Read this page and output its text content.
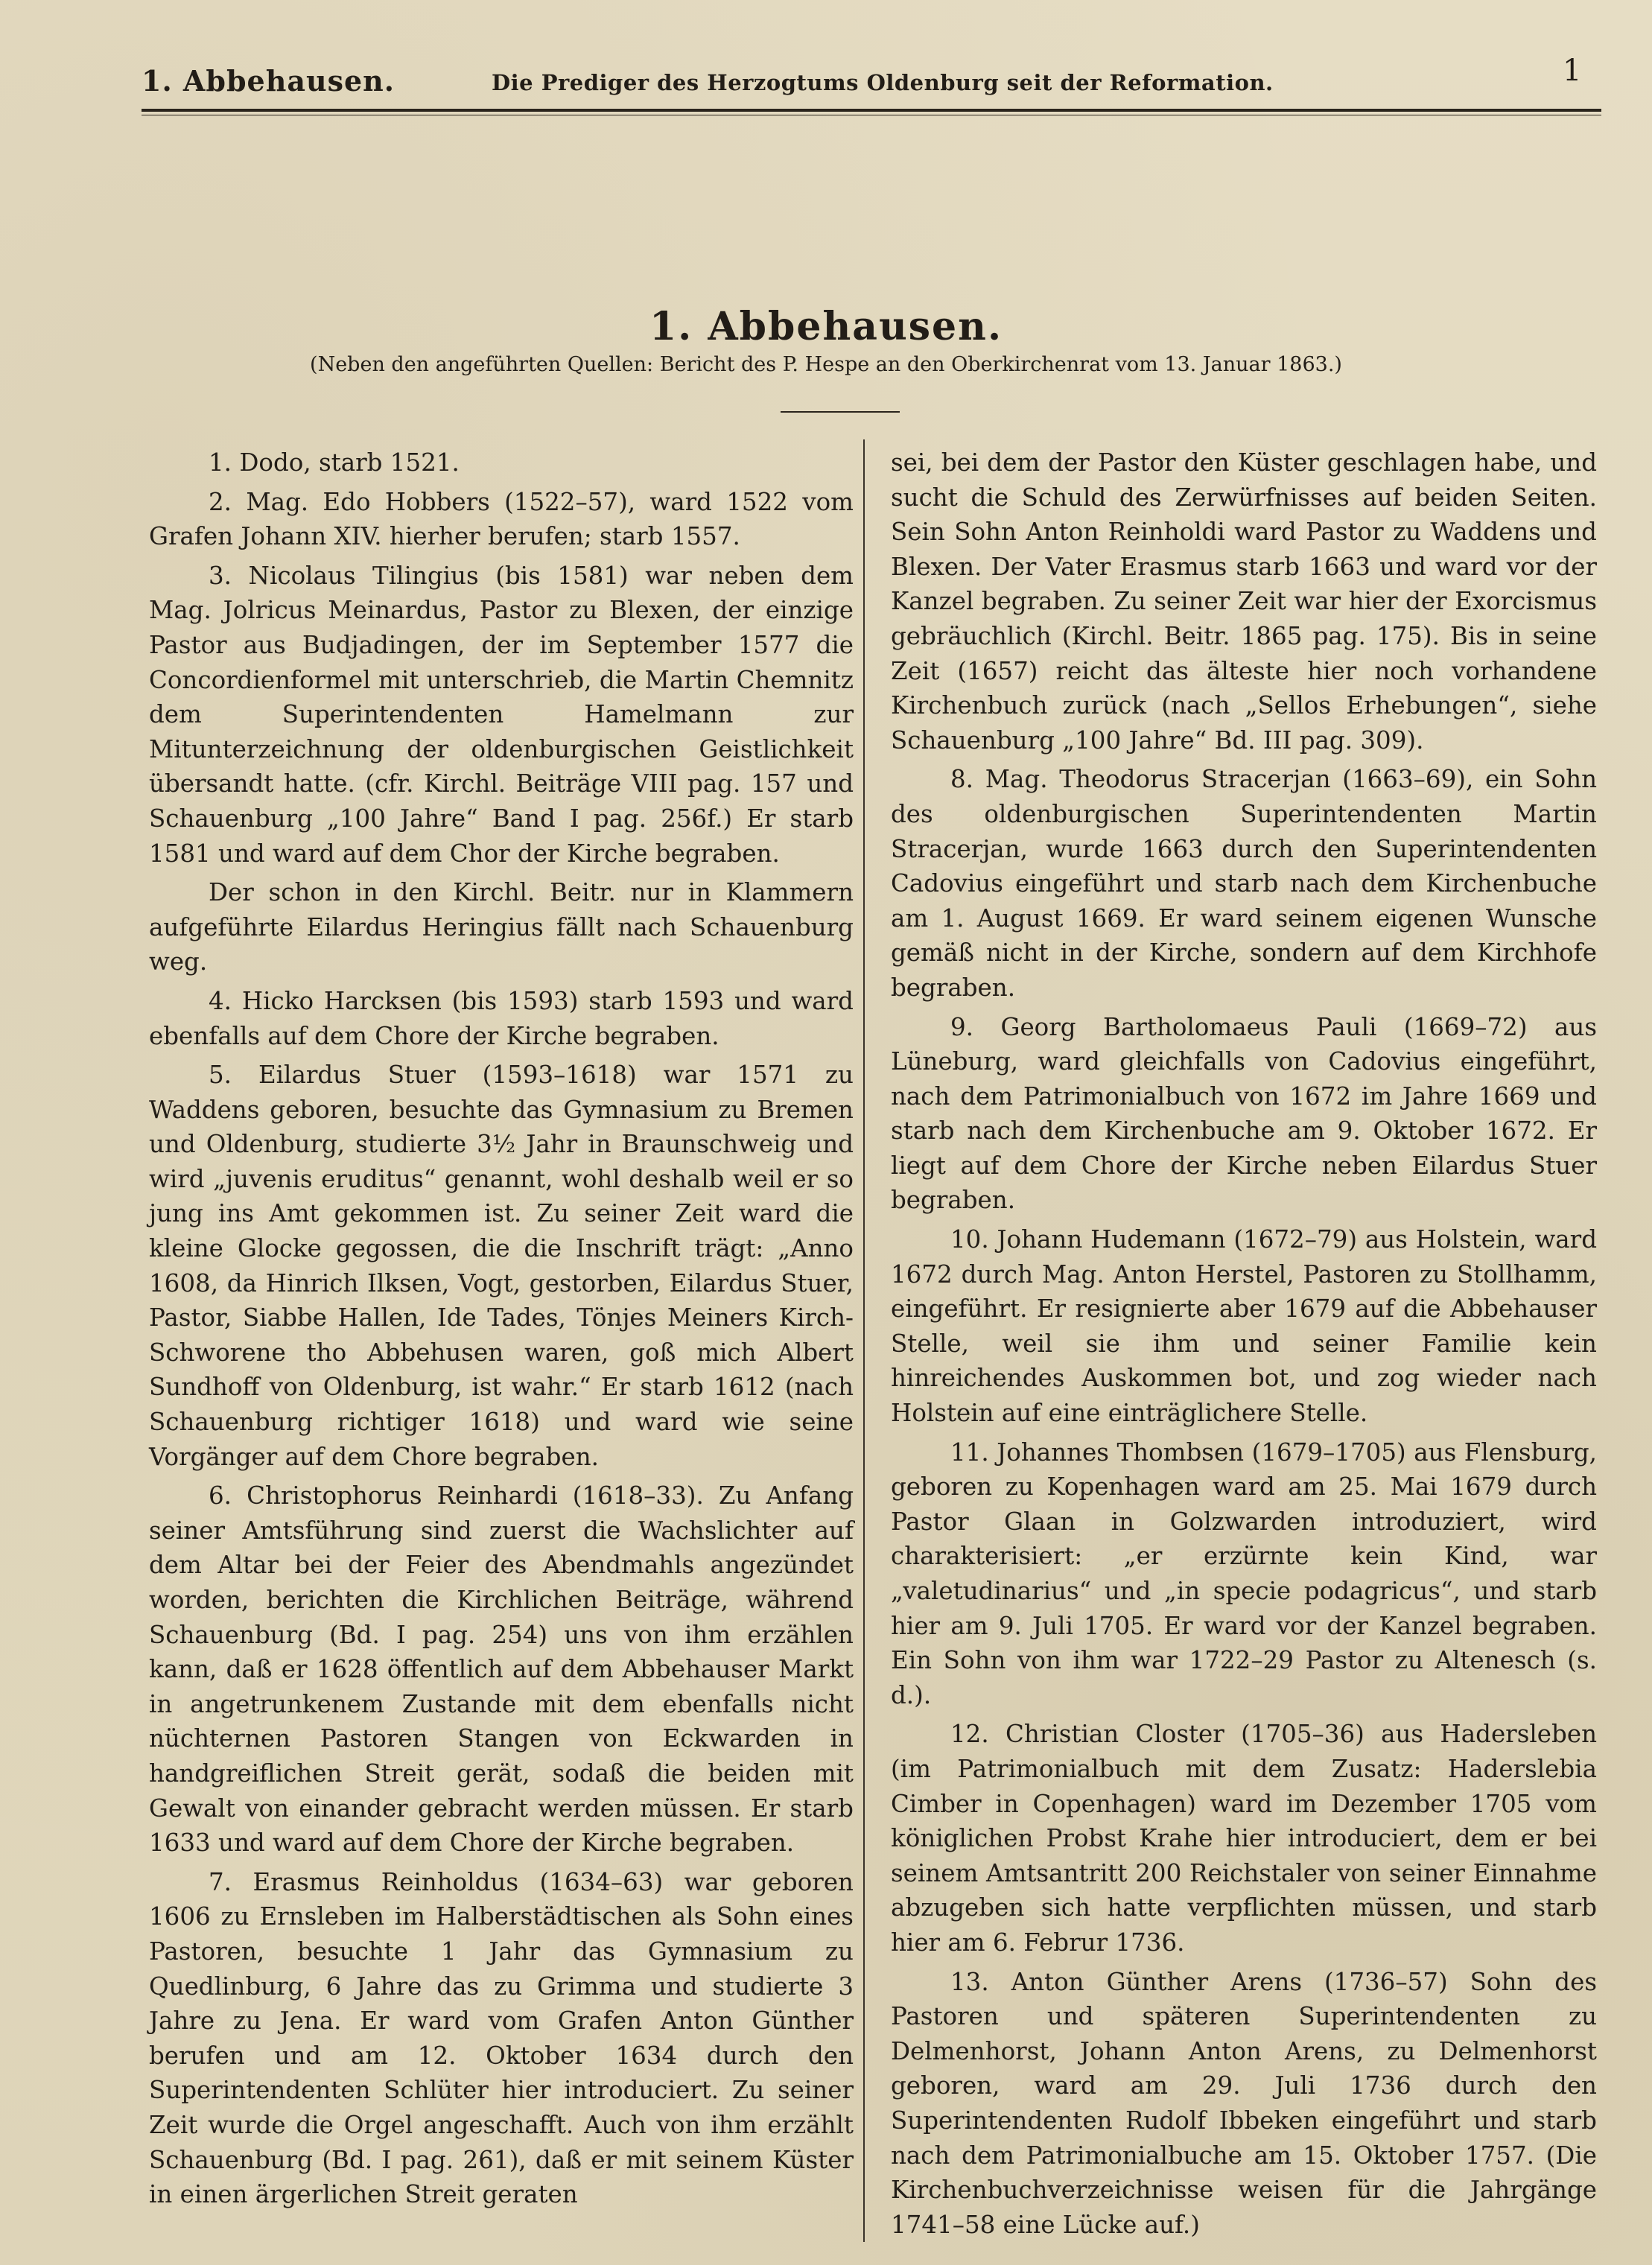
1. Abbehausen.	Die Prediger des Herzogtums Oldenburg seit der Reformation.	1
1. Abbehausen.
(Neben den angeführten Quellen: Bericht des P. Hespe an den Oberkirchenrat vom 13. Januar 1863.)

1. Dodo, starb 1521.

2. Mag. Edo Hobbers (1522–57), ward 1522 vom Grafen Johann XIV. hierher berufen; starb 1557.

3. Nicolaus Tilingius (bis 1581) war neben dem Mag. Jolricus Meinardus, Pastor zu Blexen, der einzige Pastor aus Budjadingen, der im September 1577 die Concordienformel mit unterschrieb, die Martin Chemnitz dem Superintendenten Hamelmann zur Mitunterzeichnung der oldenburgischen Geistlichkeit übersandt hatte. (cfr. Kirchl. Beiträge VIII pag. 157 und Schauenburg „100 Jahre“ Band I pag. 256f.) Er starb 1581 und ward auf dem Chor der Kirche begraben.

Der schon in den Kirchl. Beitr. nur in Klammern aufgeführte Eilardus Heringius fällt nach Schauenburg weg.

4. Hicko Harcksen (bis 1593) starb 1593 und ward ebenfalls auf dem Chore der Kirche begraben.

5. Eilardus Stuer (1593–1618) war 1571 zu Waddens geboren, besuchte das Gymnasium zu Bremen und Oldenburg, studierte 3½ Jahr in Braunschweig und wird „juvenis eruditus“ genannt, wohl deshalb weil er so jung ins Amt gekommen ist. Zu seiner Zeit ward die kleine Glocke gegossen, die die Inschrift trägt: „Anno 1608, da Hinrich Ilksen, Vogt, gestorben, Eilardus Stuer, Pastor, Siabbe Hallen, Ide Tades, Tönjes Meiners Kirch-Schworene tho Abbehusen waren, goß mich Albert Sundhoff von Oldenburg, ist wahr.“ Er starb 1612 (nach Schauenburg richtiger 1618) und ward wie seine Vorgänger auf dem Chore begraben.

6. Christophorus Reinhardi (1618–33). Zu Anfang seiner Amtsführung sind zuerst die Wachslichter auf dem Altar bei der Feier des Abendmahls angezündet worden, berichten die Kirchlichen Beiträge, während Schauenburg (Bd. I pag. 254) uns von ihm erzählen kann, daß er 1628 öffentlich auf dem Abbehauser Markt in angetrunkenem Zustande mit dem ebenfalls nicht nüchternen Pastoren Stangen von Eckwarden in handgreiflichen Streit gerät, sodaß die beiden mit Gewalt von einander gebracht werden müssen. Er starb 1633 und ward auf dem Chore der Kirche begraben.

7. Erasmus Reinholdus (1634–63) war geboren 1606 zu Ernsleben im Halberstädtischen als Sohn eines Pastoren, besuchte 1 Jahr das Gymnasium zu Quedlinburg, 6 Jahre das zu Grimma und studierte 3 Jahre zu Jena. Er ward vom Grafen Anton Günther berufen und am 12. Oktober 1634 durch den Superintendenten Schlüter hier introduciert. Zu seiner Zeit wurde die Orgel angeschafft. Auch von ihm erzählt Schauenburg (Bd. I pag. 261), daß er mit seinem Küster in einen ärgerlichen Streit geraten

sei, bei dem der Pastor den Küster geschlagen habe, und sucht die Schuld des Zerwürfnisses auf beiden Seiten. Sein Sohn Anton Reinholdi ward Pastor zu Waddens und Blexen. Der Vater Erasmus starb 1663 und ward vor der Kanzel begraben. Zu seiner Zeit war hier der Exorcismus gebräuchlich (Kirchl. Beitr. 1865 pag. 175). Bis in seine Zeit (1657) reicht das älteste hier noch vorhandene Kirchenbuch zurück (nach „Sellos Erhebungen“, siehe Schauenburg „100 Jahre“ Bd. III pag. 309).

8. Mag. Theodorus Stracerjan (1663–69), ein Sohn des oldenburgischen Superintendenten Martin Stracerjan, wurde 1663 durch den Superintendenten Cadovius eingeführt und starb nach dem Kirchenbuche am 1. August 1669. Er ward seinem eigenen Wunsche gemäß nicht in der Kirche, sondern auf dem Kirchhofe begraben.

9. Georg Bartholomaeus Pauli (1669–72) aus Lüneburg, ward gleichfalls von Cadovius eingeführt, nach dem Patrimonialbuch von 1672 im Jahre 1669 und starb nach dem Kirchenbuche am 9. Oktober 1672. Er liegt auf dem Chore der Kirche neben Eilardus Stuer begraben.

10. Johann Hudemann (1672–79) aus Holstein, ward 1672 durch Mag. Anton Herstel, Pastoren zu Stollhamm, eingeführt. Er resignierte aber 1679 auf die Abbehauser Stelle, weil sie ihm und seiner Familie kein hinreichendes Auskommen bot, und zog wieder nach Holstein auf eine einträglichere Stelle.

11. Johannes Thombsen (1679–1705) aus Flensburg, geboren zu Kopenhagen ward am 25. Mai 1679 durch Pastor Glaan in Golzwarden introduziert, wird charakterisiert: „er erzürnte kein Kind, war „valetudinarius“ und „in specie podagricus“, und starb hier am 9. Juli 1705. Er ward vor der Kanzel begraben. Ein Sohn von ihm war 1722–29 Pastor zu Altenesch (s. d.).

12. Christian Closter (1705–36) aus Hadersleben (im Patrimonialbuch mit dem Zusatz: Haderslebia Cimber in Copenhagen) ward im Dezember 1705 vom königlichen Probst Krahe hier introduciert, dem er bei seinem Amtsantritt 200 Reichstaler von seiner Einnahme abzugeben sich hatte verpflichten müssen, und starb hier am 6. Februr 1736.

13. Anton Günther Arens (1736–57) Sohn des Pastoren und späteren Superintendenten zu Delmenhorst, Johann Anton Arens, zu Delmenhorst geboren, ward am 29. Juli 1736 durch den Superintendenten Rudolf Ibbeken eingeführt und starb nach dem Patrimonialbuche am 15. Oktober 1757. (Die Kirchenbuchverzeichnisse weisen für die Jahrgänge 1741–58 eine Lücke auf.)
